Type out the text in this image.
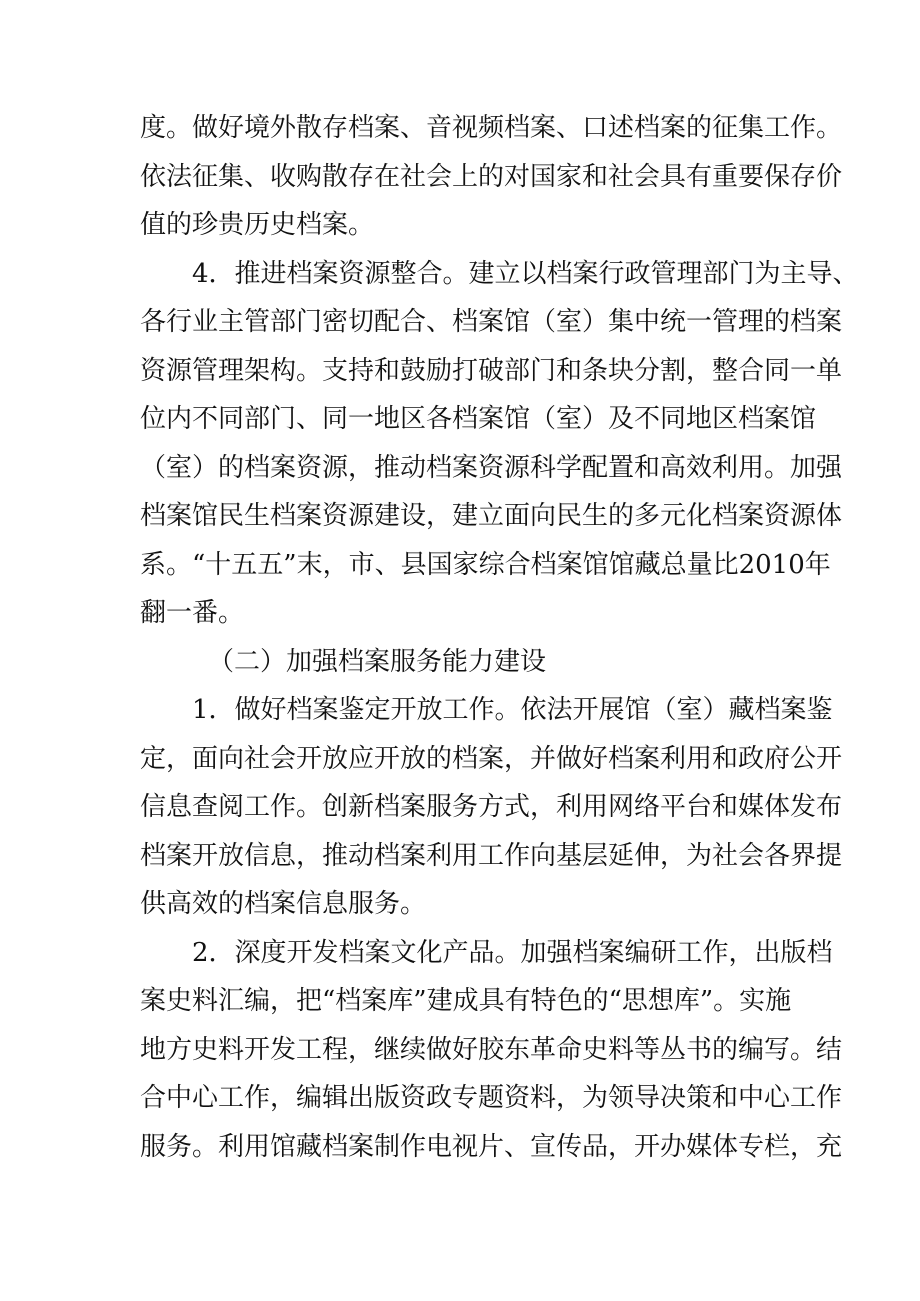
度。做好境外散存档案、音视频档案、口述档案的征集工作。
依法征集、收购散存在社会上的对国家和社会具有重要保存价
值的珍贵历史档案。
4．推进档案资源整合。建立以档案行政管理部门为主导、
各行业主管部门密切配合、档案馆（室）集中统一管理的档案
资源管理架构。支持和鼓励打破部门和条块分割，整合同一单
位内不同部门、同一地区各档案馆（室）及不同地区档案馆
（室）的档案资源，推动档案资源科学配置和高效利用。加强
档案馆民生档案资源建设，建立面向民生的多元化档案资源体
系。“十五五”末，市、县国家综合档案馆馆藏总量比2010年
翻一番。
（二）加强档案服务能力建设
1．做好档案鉴定开放工作。依法开展馆（室）藏档案鉴
定，面向社会开放应开放的档案，并做好档案利用和政府公开
信息查阅工作。创新档案服务方式，利用网络平台和媒体发布
档案开放信息，推动档案利用工作向基层延伸，为社会各界提
供高效的档案信息服务。
2．深度开发档案文化产品。加强档案编研工作，出版档
案史料汇编，把“档案库”建成具有特色的“思想库”。实施
地方史料开发工程，继续做好胶东革命史料等丛书的编写。结
合中心工作，编辑出版资政专题资料，为领导决策和中心工作
服务。利用馆藏档案制作电视片、宣传品，开办媒体专栏，充
